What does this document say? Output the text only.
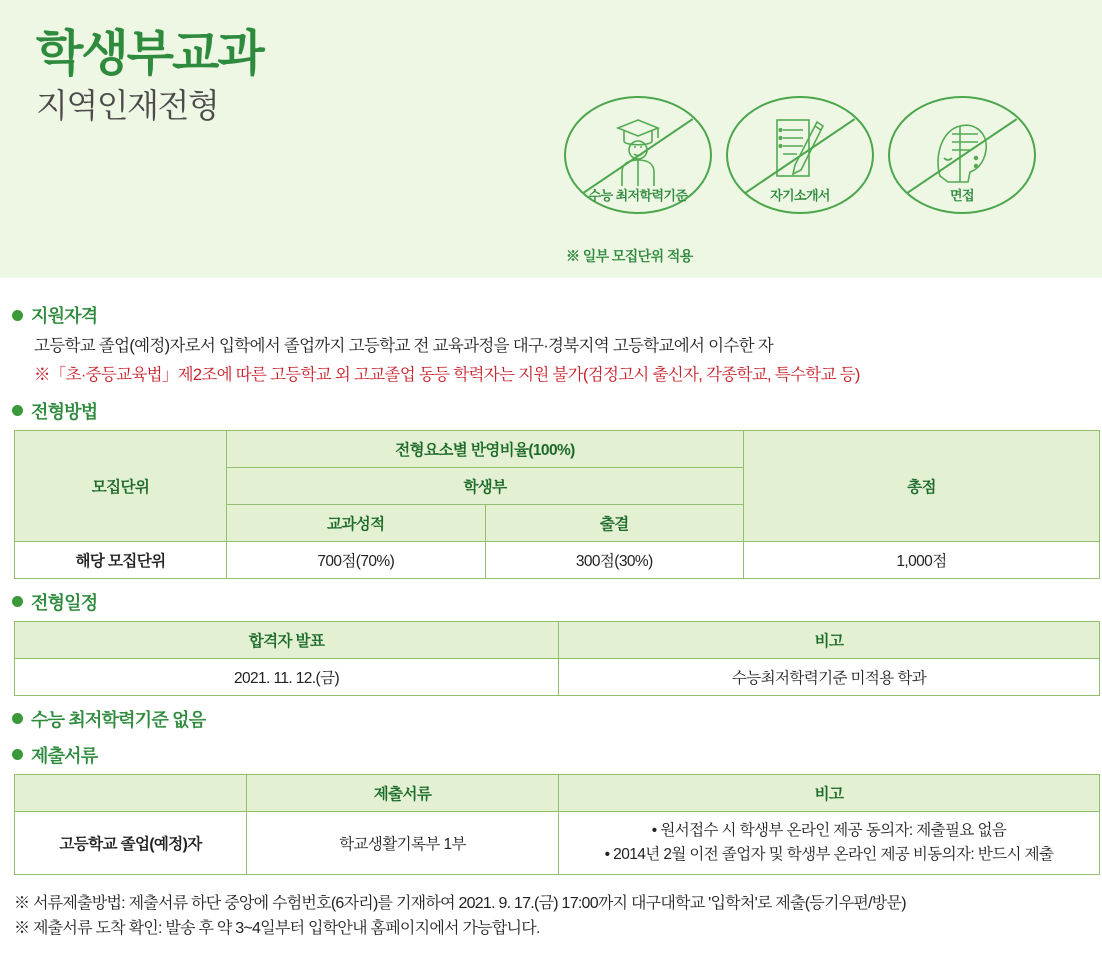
학생부교과
지역인재전형
수능 최저학력기준	자기소개서	면접
※ 일부 모집단위 적용
지원자격
고등학교 졸업(예정)자로서 입학에서 졸업까지 고등학교 전 교육과정을 대구·경북지역 고등학교에서 이수한 자
※「초·중등교육법」제2조에 따른 고등학교 외 고교졸업 동등 학력자는 지원 불가(검정고시 출신자, 각종학교, 특수학교 등)
전형방법
모집단위	전형요소별 반영비율(100%)		총점
	학생부		
	교과성적	출결	
해당 모집단위	700점(70%)	300점(30%)	1,000점
전형일정
합격자 발표	비고
2021. 11. 12.(금)	수능최저학력기준 미적용 학과
수능 최저학력기준 없음
제출서류
	제출서류	비고
고등학교 졸업(예정)자	학교생활기록부 1부	• 원서접수 시 학생부 온라인 제공 동의자: 제출필요 없음
• 2014년 2월 이전 졸업자 및 학생부 온라인 제공 비동의자: 반드시 제출
※ 서류제출방법: 제출서류 하단 중앙에 수험번호(6자리)를 기재하여 2021. 9. 17.(금) 17:00까지 대구대학교 '입학처'로 제출(등기우편/방문)
※ 제출서류 도착 확인: 발송 후 약 3~4일부터 입학안내 홈페이지에서 가능합니다.
